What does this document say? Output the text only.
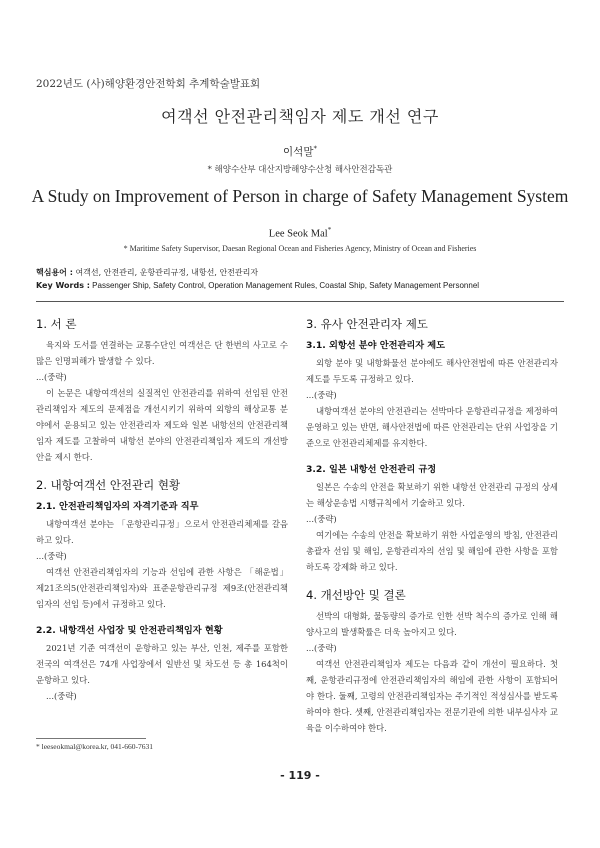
2022년도 (사)해양환경안전학회 추계학술발표회
여객선 안전관리책임자 제도 개선 연구
이석말*
* 해양수산부 대산지방해양수산청 해사안전감독관
A Study on Improvement of Person in charge of Safety Management System
Lee Seok Mal*
* Maritime Safety Supervisor, Daesan Regional Ocean and Fisheries Agency, Ministry of Ocean and Fisheries
핵심용어 : 여객선, 안전관리, 운항관리규정, 내항선, 안전관리자
Key Words : Passenger Ship, Safety Control, Operation Management Rules, Coastal Ship, Safety Management Personnel
1. 서 론

육지와 도서를 연결하는 교통수단인 여객선은 단 한번의 사고로 수많은 인명피해가 발생할 수 있다.

...(중략)

이 논문은 내항여객선의 실질적인 안전관리를 위하여 선임된 안전관리책임자 제도의 문제점을 개선시키기 위하여 외항의 해상교통 분야에서 운용되고 있는 안전관리자 제도와 일본 내항선의 안전관리책임자 제도를 고찰하여 내항선 분야의 안전관리책임자 제도의 개선방안을 제시 한다.

2. 내항여객선 안전관리 현황
2.1. 안전관리책임자의 자격기준과 직무

내항여객선 분야는 「운항관리규정」으로서 안전관리체제를 갈음하고 있다.

...(중략)

여객선 안전관리책임자의 기능과 선임에 관한 사항은 「해운법」 제21조의5(안전관리책임자)와 표준운항관리규정 제9조(안전관리책임자의 선임 등)에서 규정하고 있다.

2.2. 내항객선 사업장 및 안전관리책임자 현황

2021년 기준 여객선이 운항하고 있는 부산, 인천, 제주를 포함한 전국의 여객선은 74개 사업장에서 일반선 및 차도선 등 총 164척이 운항하고 있다.

...(중략)

3. 유사 안전관리자 제도
3.1. 외항선 분야 안전관리자 제도

외항 분야 및 내항화물선 분야에도 해사안전법에 따른 안전관리자 제도를 두도록 규정하고 있다.

...(중략)

내항여객선 분야의 안전관리는 선박마다 운항관리규정을 제정하여 운영하고 있는 반면, 해사안전법에 따른 안전관리는 단위 사업장을 기준으로 안전관리체제를 유지한다.

3.2. 일본 내항선 안전관리 규정

일본은 수송의 안전을 확보하기 위한 내항선 안전관리 규정의 상세는 해상운송법 시행규칙에서 기술하고 있다.

...(중략)

여기에는 수송의 안전을 확보하기 위한 사업운영의 방침, 안전관리총괄자 선임 및 해임, 운항관리자의 선임 및 해임에 관한 사항을 포함하도록 강제화 하고 있다.

4. 개선방안 및 결론

선박의 대형화, 물동량의 증가로 인한 선박 척수의 증가로 인해 해양사고의 발생확률은 더욱 높아지고 있다.

...(중략)

여객선 안전관리책임자 제도는 다음과 같이 개선이 필요하다. 첫째, 운항관리규정에 안전관리책임자의 해임에 관한 사항이 포함되어야 한다. 둘째, 고령의 안전관리책임자는 주기적인 적성심사를 받도록 하여야 한다. 셋째, 안전관리책임자는 전문기관에 의한 내부심사자 교육을 이수하여야 한다.

* leeseokmal@korea.kr, 041-660-7631
- 119 -
